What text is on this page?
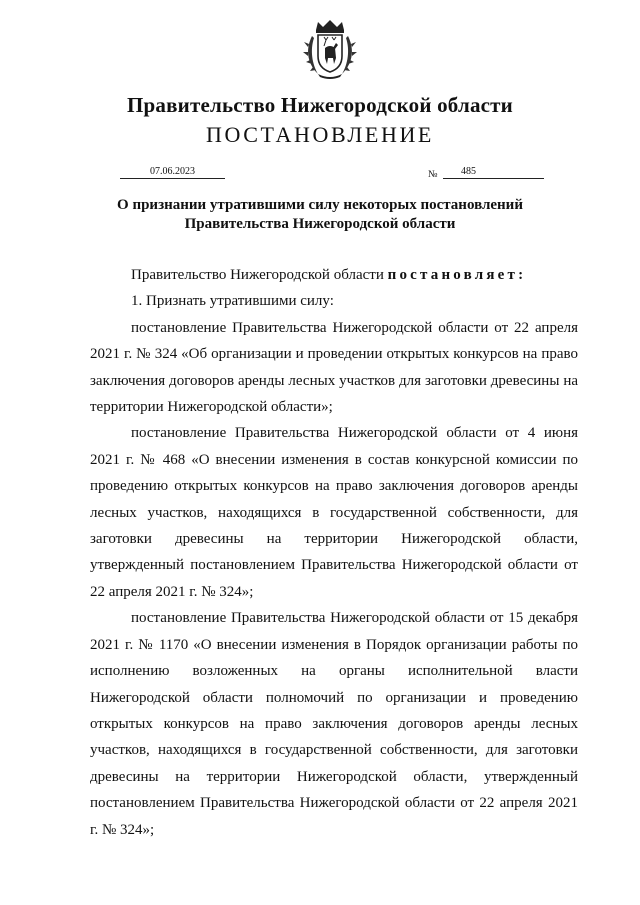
Правительство Нижегородской области
ПОСТАНОВЛЕНИЕ
07.06.2023	№	485
О признании утратившими силу некоторых постановлений
Правительства Нижегородской области

Правительство Нижегородской области постановляет:

1. Признать утратившими силу:

постановление Правительства Нижегородской области от 22 апреля 2021 г. № 324 «Об организации и проведении открытых конкурсов на право заключения договоров аренды лесных участков для заготовки древесины на территории Нижегородской области»;

постановление Правительства Нижегородской области от 4 июня 2021 г. № 468 «О внесении изменения в состав конкурсной комиссии по проведению открытых конкурсов на право заключения договоров аренды лесных участков, находящихся в государственной собственности, для заготовки древесины на территории Нижегородской области, утвержденный постановлением Правительства Нижегородской области от 22 апреля 2021 г. № 324»;

постановление Правительства Нижегородской области от 15 декабря 2021 г. № 1170 «О внесении изменения в Порядок организации работы по исполнению возложенных на органы исполнительной власти Нижегородской области полномочий по организации и проведению открытых конкурсов на право заключения договоров аренды лесных участков, находящихся в государственной собственности, для заготовки древесины на территории Нижегородской области, утвержденный постановлением Правительства Нижегородской области от 22 апреля 2021 г. № 324»;
